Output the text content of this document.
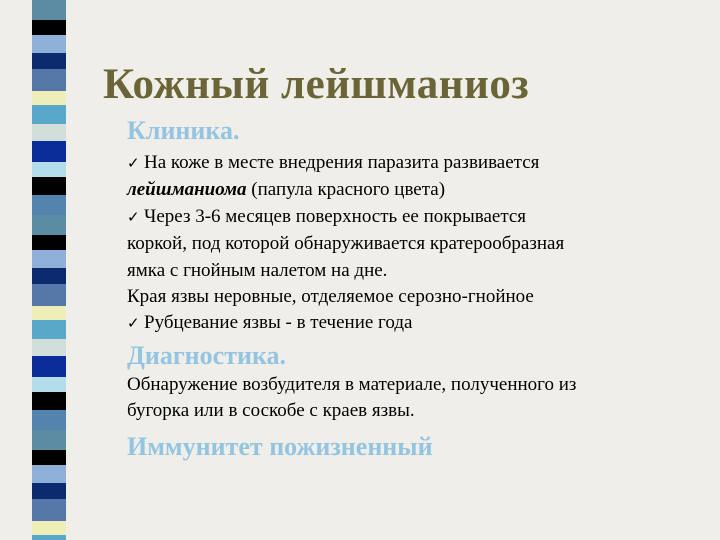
Кожный лейшманиоз
Клиника.
✓ На коже в месте внедрения паразита развивается
лейшманиома (папула красного цвета)
✓ Через 3-6 месяцев поверхность ее покрывается
коркой, под которой обнаруживается кратерообразная
ямка с гнойным налетом на дне.
Края язвы неровные, отделяемое серозно-гнойное
✓ Рубцевание язвы - в течение года
Диагностика.
Обнаружение возбудителя в материале, полученного из
бугорка или в соскобе с краев язвы.
Иммунитет пожизненный
